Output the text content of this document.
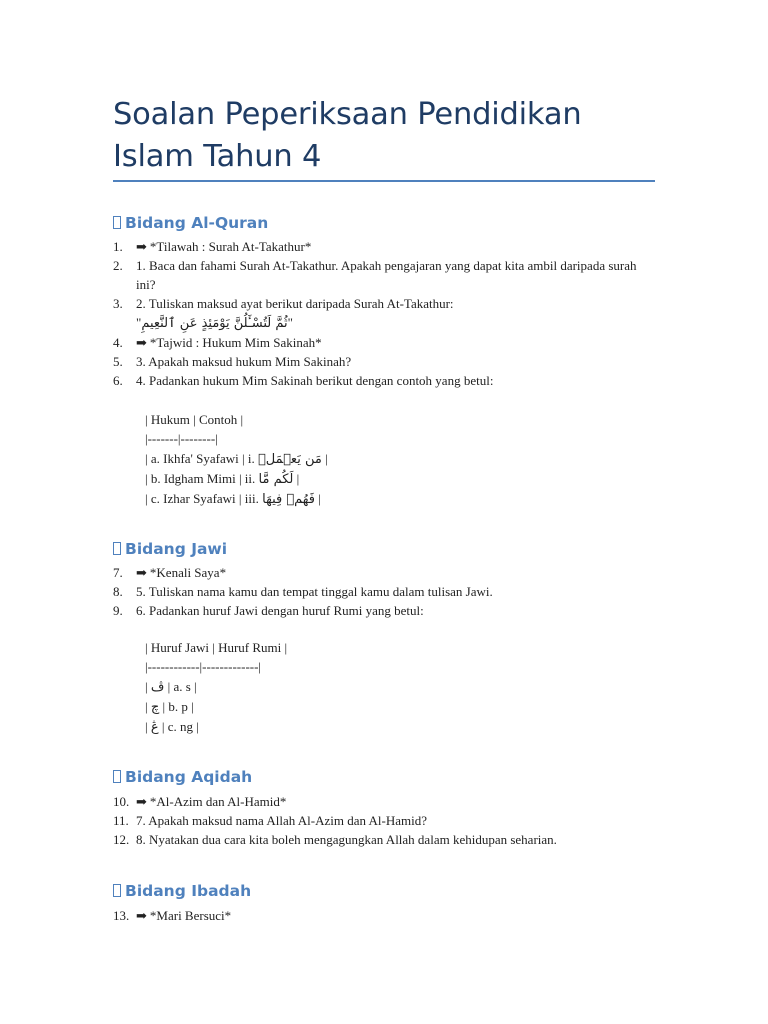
Soalan Peperiksaan Pendidikan Islam Tahun 4
Bidang Al-Quran
1. ➡ *Tilawah : Surah At-Takathur*
2. 1. Baca dan fahami Surah At-Takathur. Apakah pengajaran yang dapat kita ambil daripada surah ini?
3. 2. Tuliskan maksud ayat berikut daripada Surah At-Takathur:
"ثُمَّ لَتُسْـَٔلُنَّ يَوْمَئِذٍ عَنِ ٱلنَّعِيمِ"
4. ➡ *Tajwid : Hukum Mim Sakinah*
5. 3. Apakah maksud hukum Mim Sakinah?
6. 4. Padankan hukum Mim Sakinah berikut dengan contoh yang betul:
| Hukum | Contoh |
|-------|--------|
| a. Ikhfa' Syafawi | i. مَن يَعۡمَلۡ |
| b. Idgham Mimi | ii. لَكُم مَّا |
| c. Izhar Syafawi | iii. فَهُمۡ فِيهَا |
Bidang Jawi
7. ➡ *Kenali Saya*
8. 5. Tuliskan nama kamu dan tempat tinggal kamu dalam tulisan Jawi.
9. 6. Padankan huruf Jawi dengan huruf Rumi yang betul:
| Huruf Jawi | Huruf Rumi |
|------------|-------------|
| ڤ | a. s |
| چ | b. p |
| ڠ | c. ng |
Bidang Aqidah
10. ➡ *Al-Azim dan Al-Hamid*
11. 7. Apakah maksud nama Allah Al-Azim dan Al-Hamid?
12. 8. Nyatakan dua cara kita boleh mengagungkan Allah dalam kehidupan seharian.
Bidang Ibadah
13. ➡ *Mari Bersuci*
